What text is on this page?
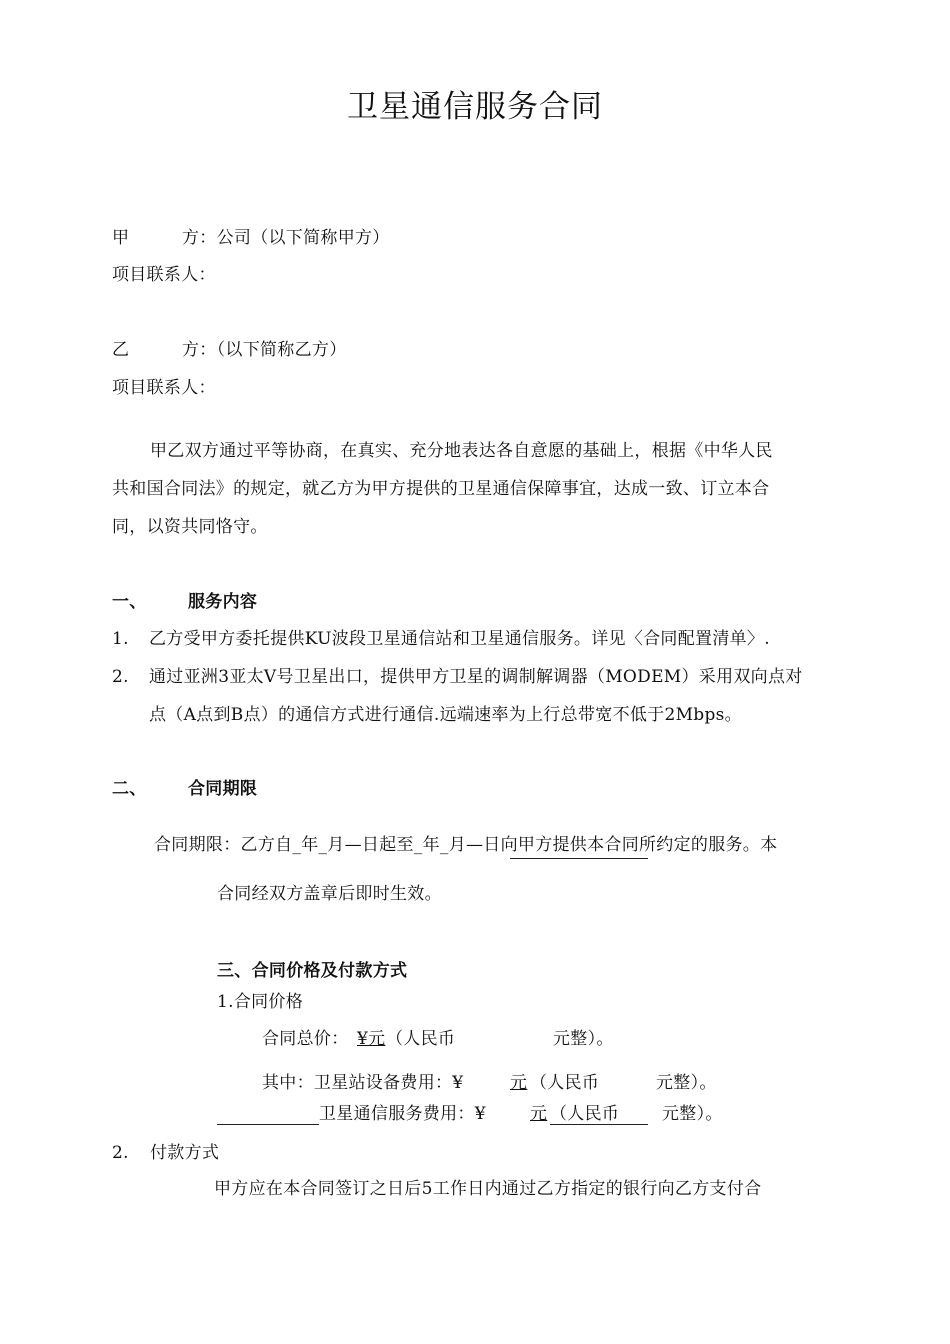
卫星通信服务合同
甲	方：公司（以下简称甲方）
项目联系人：
乙	方：（以下简称乙方）
项目联系人：
甲乙双方通过平等协商，在真实、充分地表达各自意愿的基础上，根据《中华人民
共和国合同法》的规定，就乙方为甲方提供的卫星通信保障事宜，达成一致、订立本合
同，以资共同恪守。
一、 服务内容
1. 乙方受甲方委托提供KU波段卫星通信站和卫星通信服务。详见〈合同配置清单〉.
2. 通过亚洲3亚太V号卫星出口，提供甲方卫星的调制解调器（MODEM）采用双向点对
点（A点到B点）的通信方式进行通信.远端速率为上行总带宽不低于2Mbps。
二、 合同期限
合同期限：乙方自_年_月—日起至_年_月—日向甲方提供本合同所约定的服务。本
合同经双方盖章后即时生效。
三、合同价格及付款方式
1.合同价格
合同总价： ¥元 （人民币	元整）。
其中：卫星站设备费用：¥	元 （人民币	元整）。
卫星通信服务费用：¥	元 （人民币	元整）。
2. 付款方式
甲方应在本合同签订之日后5工作日内通过乙方指定的银行向乙方支付合
